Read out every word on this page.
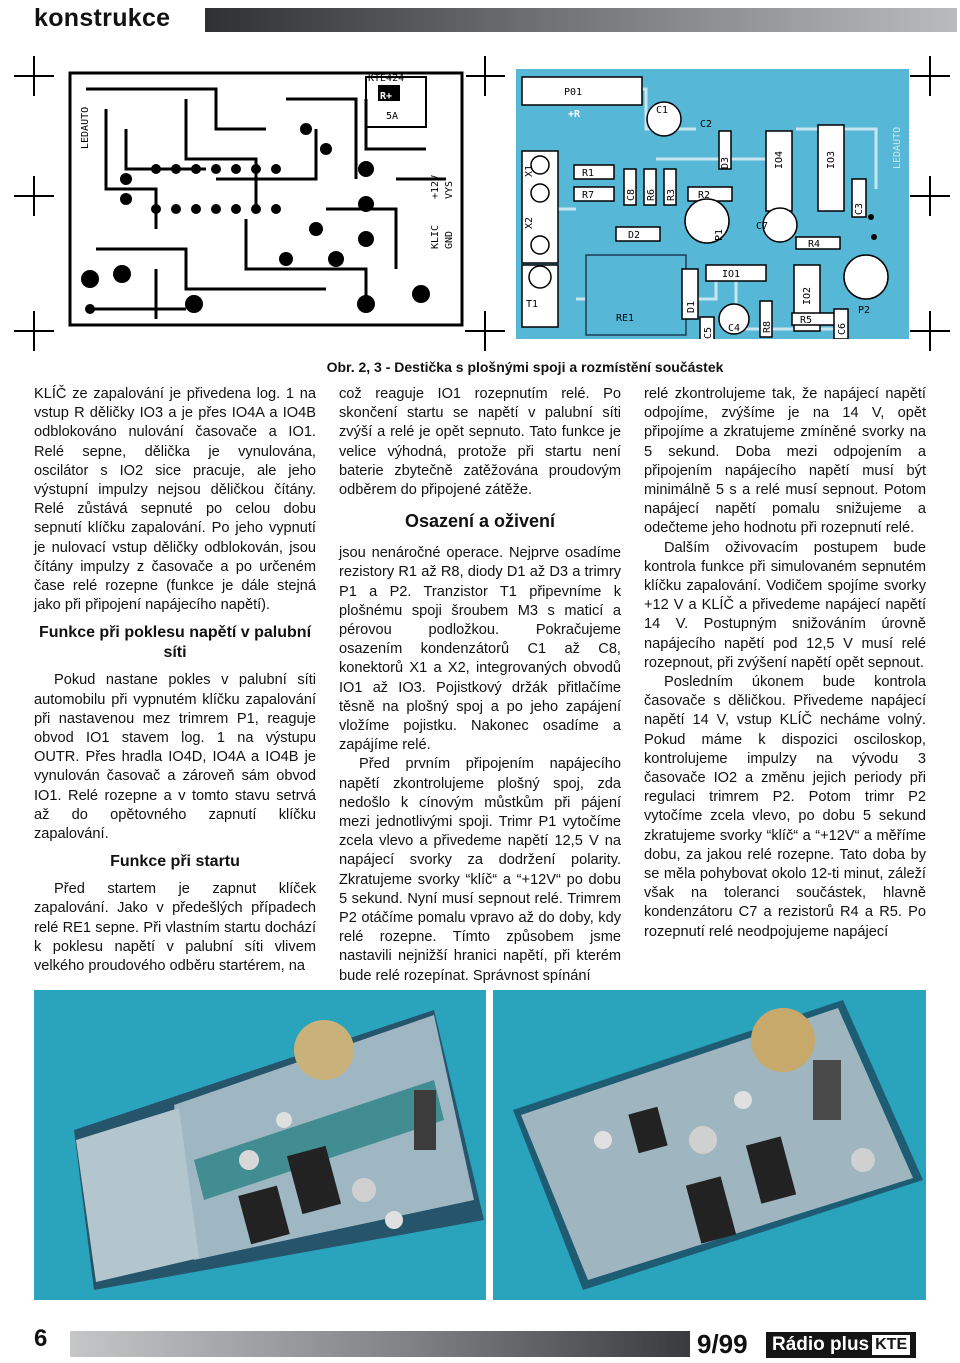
konstrukce
LEDAUTO
KTE424
R+
5A
+12V VYS
KLIC GND
P01
+R	C1
C2
D3	IO4	IO3
C3
LEDAUTO
X1
X2
R1
R7	C8 R6 R3 R2
D2	P1
C7
R4
T1
RE1
IO1
IO2
D1
C5 C4 R8
R5
C6
P2
Obr. 2, 3 - Destička s plošnými spoji a rozmístění součástek

KLÍČ ze zapalování je přivedena log. 1 na vstup R děličky IO3 a je přes IO4A a IO4B odblokováno nulování časovače a IO1. Relé sepne, dělička je vynulována, oscilátor s IO2 sice pracuje, ale jeho výstupní impulzy nejsou děličkou čítány. Relé zůstává sepnuté po celou dobu sepnutí klíčku zapalování. Po jeho vypnutí je nulovací vstup děličky odblokován, jsou čítány impulzy z časovače a po určeném čase relé rozepne (funkce je dále stejná jako při připojení napájecího napětí).

Funkce při poklesu napětí v palubní síti

Pokud nastane pokles v palubní síti automobilu při vypnutém klíčku zapalování při nastavenou mez trimrem P1, reaguje obvod IO1 stavem log. 1 na výstupu OUTR. Přes hradla IO4D, IO4A a IO4B je vynulován časovač a zároveň sám obvod IO1. Relé rozepne a v tomto stavu setrvá až do opětovného zapnutí klíčku zapalování.

Funkce při startu

Před startem je zapnut klíček zapalování. Jako v předešlých případech relé RE1 sepne. Při vlastním startu dochází k poklesu napětí v palubní síti vlivem velkého proudového odběru startérem, na

což reaguje IO1 rozepnutím relé. Po skončení startu se napětí v palubní síti zvýší a relé je opět sepnuto. Tato funkce je velice výhodná, protože při startu není baterie zbytečně zatěžována proudovým odběrem do připojené zátěže.

Osazení a oživení

jsou nenáročné operace. Nejprve osadíme rezistory R1 až R8, diody D1 až D3 a trimry P1 a P2. Tranzistor T1 připevníme k plošnému spoji šroubem M3 s maticí a pérovou podložkou. Pokračujeme osazením kondenzátorů C1 až C8, konektorů X1 a X2, integrovaných obvodů IO1 až IO3. Pojistkový držák přitlačíme těsně na plošný spoj a po jeho zapájení vložíme pojistku. Nakonec osadíme a zapájíme relé.

Před prvním připojením napájecího napětí zkontrolujeme plošný spoj, zda nedošlo k cínovým můstkům při pájení mezi jednotlivými spoji. Trimr P1 vytočíme zcela vlevo a přivedeme napětí 12,5 V na napájecí svorky za dodržení polarity. Zkratujeme svorky “klíč“ a “+12V“ po dobu 5 sekund. Nyní musí sepnout relé. Trimrem P2 otáčíme pomalu vpravo až do doby, kdy relé rozepne. Tímto způsobem jsme nastavili nejnižší hranici napětí, při kterém bude relé rozepínat. Správnost spínání

relé zkontrolujeme tak, že napájecí napětí odpojíme, zvýšíme je na 14 V, opět připojíme a zkratujeme zmíněné svorky na 5 sekund. Doba mezi odpojením a připojením napájecího napětí musí být minimálně 5 s a relé musí sepnout. Potom napájecí napětí pomalu snižujeme a odečteme jeho hodnotu při rozepnutí relé.

Dalším oživovacím postupem bude kontrola funkce při simulovaném sepnutém klíčku zapalování. Vodičem spojíme svorky +12 V a KLÍČ a přivedeme napájecí napětí 14 V. Postupným snižováním úrovně napájecího napětí pod 12,5 V musí relé rozepnout, při zvýšení napětí opět sepnout.

Posledním úkonem bude kontrola časovače s děličkou. Přivedeme napájecí napětí 14 V, vstup KLÍČ necháme volný. Pokud máme k dispozici osciloskop, kontrolujeme impulzy na vývodu 3 časovače IO2 a změnu jejich periody při regulaci trimrem P2. Potom trimr P2 vytočíme zcela vlevo, po dobu 5 sekund zkratujeme svorky “klíč“ a “+12V“ a měříme dobu, za jakou relé rozepne. Tato doba by se měla pohybovat okolo 12-ti minut, záleží však na toleranci součástek, hlavně kondenzátoru C7 a rezistorů R4 a R5. Po rozepnutí relé neodpojujeme napájecí

6	9/99	Rádio plus KTE
